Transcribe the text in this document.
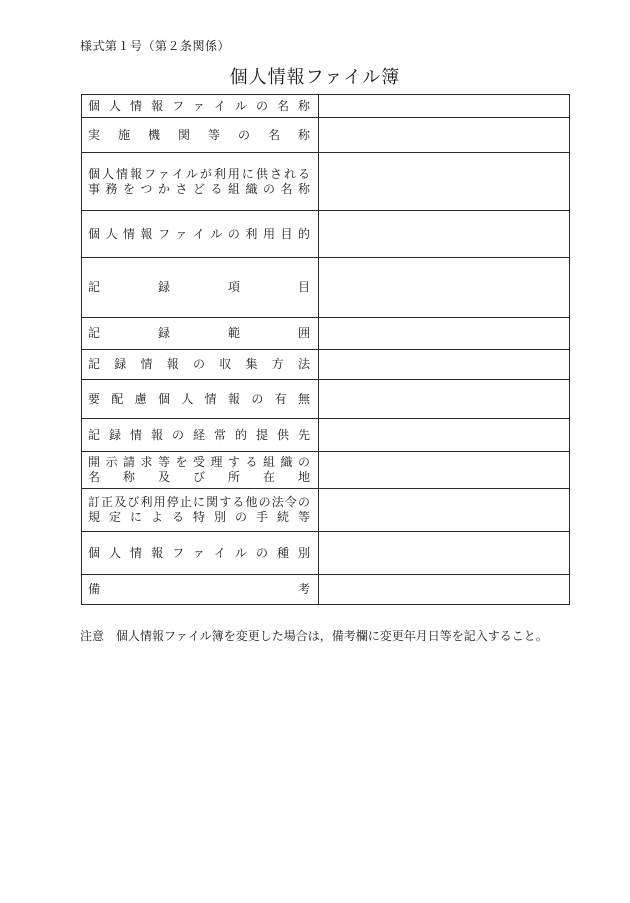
様式第１号（第２条関係）
個人情報ファイル簿
個人情報ファイルの名称	

実施機関等の名称	

個人情報ファイルが利用に供される
事務をつかさどる組織の名称	

個人情報ファイルの利用目的	

記録項目	

記録範囲	

記録情報の収集方法	

要配慮個人情報の有無	

記録情報の経常的提供先	

開示請求等を受理する組織の
名称及び所在地	

訂正及び利用停止に関する他の法令の
規定による特別の手続等	

個人情報ファイルの種別	

備考	

注意　個人情報ファイル簿を変更した場合は，備考欄に変更年月日等を記入すること。
